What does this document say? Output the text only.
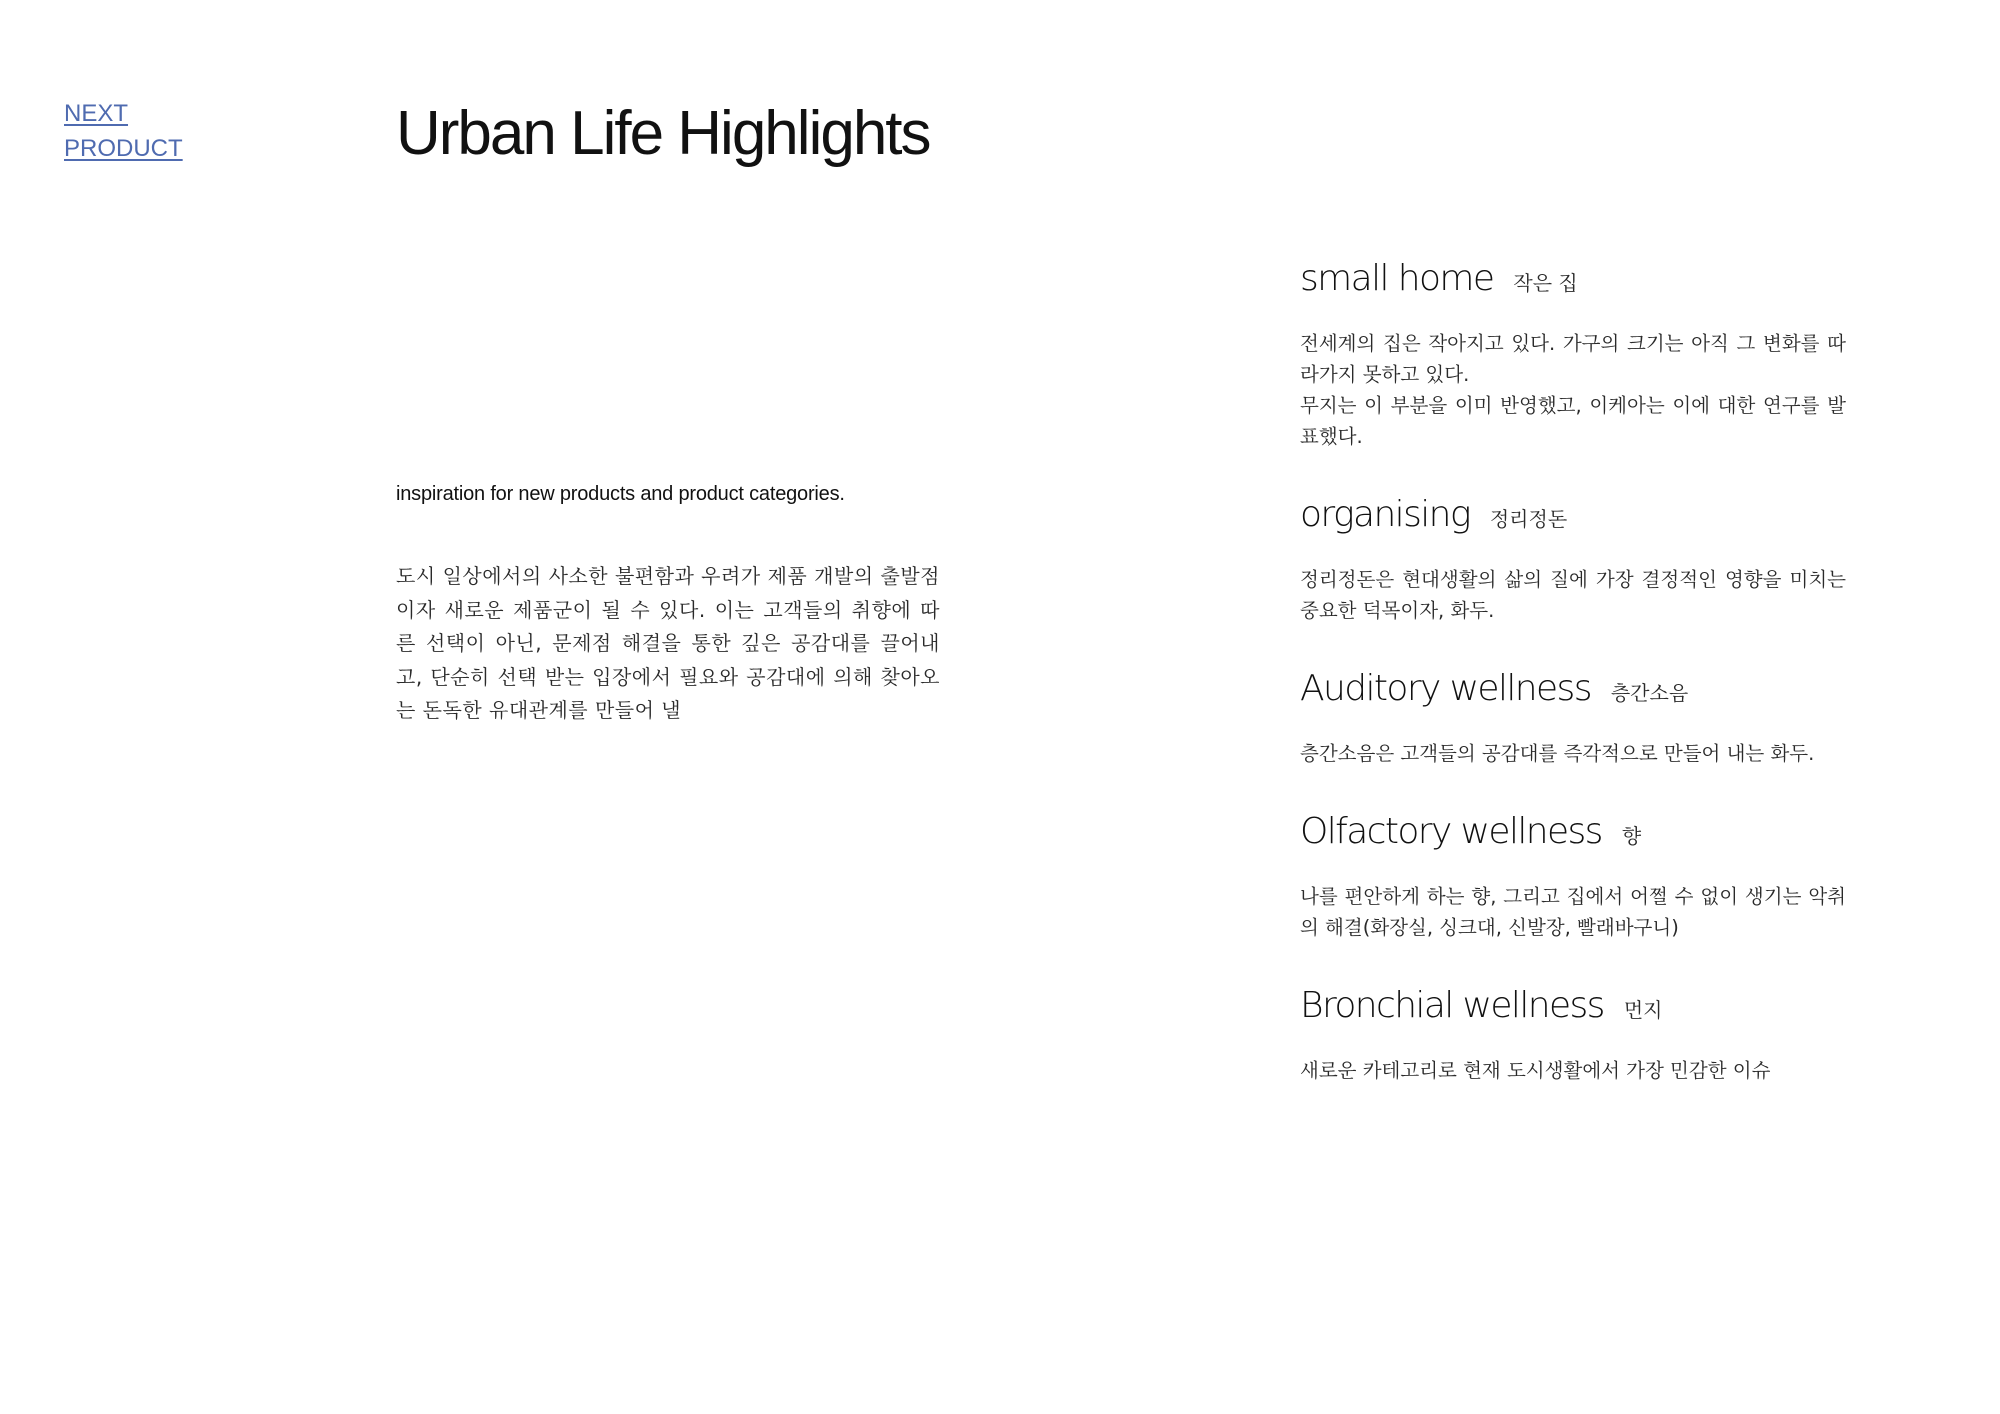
NEXT
PRODUCT	Urban Life Highlights
inspiration for new products and product categories.
도시 일상에서의 사소한 불편함과 우려가 제품 개발의 출발점이자 새로운 제품군이 될 수 있다. 이는 고객들의 취향에 따른 선택이 아닌, 문제점 해결을 통한 깊은 공감대를 끌어내고, 단순히 선택 받는 입장에서 필요와 공감대에 의해 찾아오는 돈독한 유대관계를 만들어 낼
small home 작은 집

전세계의 집은 작아지고 있다. 가구의 크기는 아직 그 변화를 따라가지 못하고 있다.

무지는 이 부분을 이미 반영했고, 이케아는 이에 대한 연구를 발표했다.

organising 정리정돈

정리정돈은 현대생활의 삶의 질에 가장 결정적인 영향을 미치는 중요한 덕목이자, 화두.

Auditory wellness 층간소음

층간소음은 고객들의 공감대를 즉각적으로 만들어 내는 화두.

Olfactory wellness 향

나를 편안하게 하는 향, 그리고 집에서 어쩔 수 없이 생기는 악취의 해결(화장실, 싱크대, 신발장, 빨래바구니)

Bronchial wellness 먼지

새로운 카테고리로 현재 도시생활에서 가장 민감한 이슈
